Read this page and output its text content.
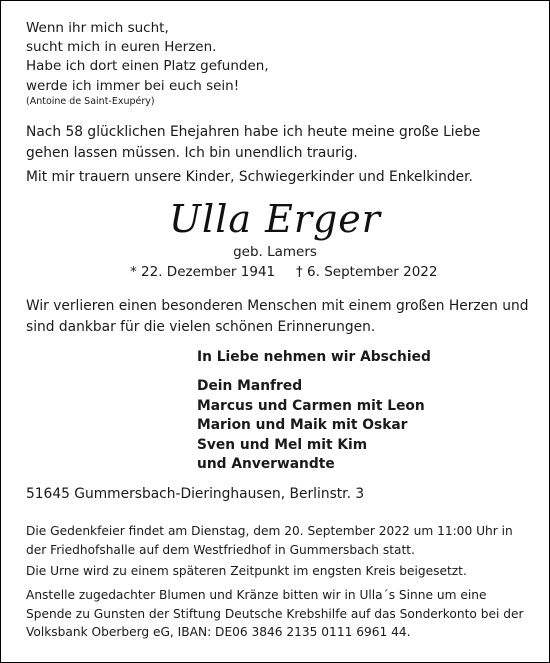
Wenn ihr mich sucht,
sucht mich in euren Herzen.
Habe ich dort einen Platz gefunden,
werde ich immer bei euch sein!
(Antoine de Saint-Exupéry)

Nach 58 glücklichen Ehejahren habe ich heute meine große Liebe gehen lassen müssen. Ich bin unendlich traurig.

Mit mir trauern unsere Kinder, Schwiegerkinder und Enkelkinder.

Ulla Erger
geb. Lamers
* 22. Dezember 1941 † 6. September 2022

Wir verlieren einen besonderen Menschen mit einem großen Herzen und sind dankbar für die vielen schönen Erinnerungen.

In Liebe nehmen wir Abschied
Dein Manfred
Marcus und Carmen mit Leon
Marion und Maik mit Oskar
Sven und Mel mit Kim
und Anverwandte
51645 Gummersbach-Dieringhausen, Berlinstr. 3

Die Gedenkfeier findet am Dienstag, dem 20. September 2022 um 11:00 Uhr in der Friedhofshalle auf dem Westfriedhof in Gummersbach statt.

Die Urne wird zu einem späteren Zeitpunkt im engsten Kreis beigesetzt.

Anstelle zugedachter Blumen und Kränze bitten wir in Ulla´s Sinne um eine Spende zu Gunsten der Stiftung Deutsche Krebshilfe auf das Sonderkonto bei der Volksbank Oberberg eG, IBAN: DE06 3846 2135 0111 6961 44.
